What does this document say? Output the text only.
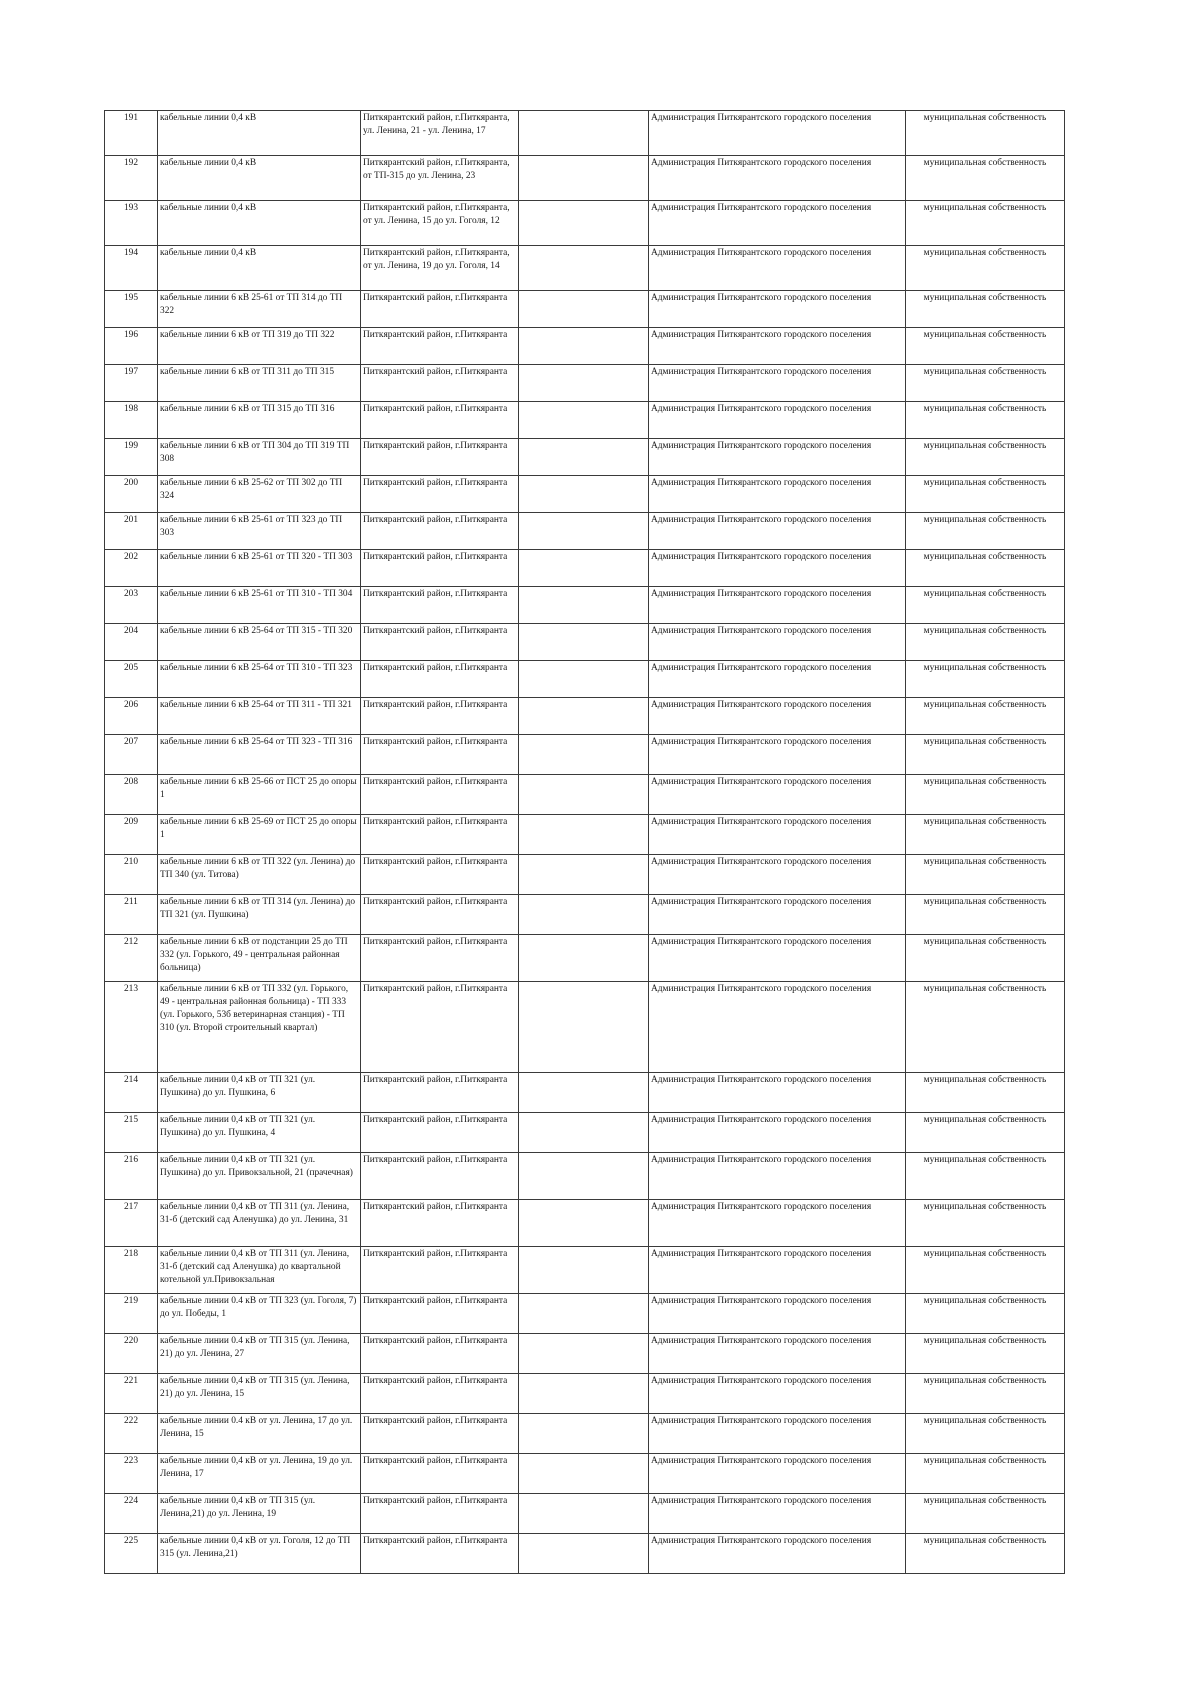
191	кабельные линии 0,4 кВ	Питкярантский район, г.Питкяранта, ул. Ленина, 21 - ул. Ленина, 17		Администрация Питкярантского городского поселения	муниципальная собственность
192	кабельные линии 0,4 кВ	Питкярантский район, г.Питкяранта, от ТП-315 до ул. Ленина, 23		Администрация Питкярантского городского поселения	муниципальная собственность
193	кабельные линии 0,4 кВ	Питкярантский район, г.Питкяранта, от ул. Ленина, 15 до ул. Гоголя, 12		Администрация Питкярантского городского поселения	муниципальная собственность
194	кабельные линии 0,4 кВ	Питкярантский район, г.Питкяранта, от ул. Ленина, 19 до ул. Гоголя, 14		Администрация Питкярантского городского поселения	муниципальная собственность
195	кабельные линии 6 кВ 25-61 от ТП 314 до ТП 322	Питкярантский район, г.Питкяранта		Администрация Питкярантского городского поселения	муниципальная собственность
196	кабельные линии 6 кВ от ТП 319 до ТП 322	Питкярантский район, г.Питкяранта		Администрация Питкярантского городского поселения	муниципальная собственность
197	кабельные линии 6 кВ от ТП 311 до ТП 315	Питкярантский район, г.Питкяранта		Администрация Питкярантского городского поселения	муниципальная собственность
198	кабельные линии 6 кВ от ТП 315 до ТП 316	Питкярантский район, г.Питкяранта		Администрация Питкярантского городского поселения	муниципальная собственность
199	кабельные линии 6 кВ от ТП 304 до ТП 319 ТП 308	Питкярантский район, г.Питкяранта		Администрация Питкярантского городского поселения	муниципальная собственность
200	кабельные линии 6 кВ 25-62 от ТП 302 до ТП 324	Питкярантский район, г.Питкяранта		Администрация Питкярантского городского поселения	муниципальная собственность
201	кабельные линии 6 кВ 25-61 от ТП 323 до ТП 303	Питкярантский район, г.Питкяранта		Администрация Питкярантского городского поселения	муниципальная собственность
202	кабельные линии 6 кВ 25-61 от ТП 320 - ТП 303	Питкярантский район, г.Питкяранта		Администрация Питкярантского городского поселения	муниципальная собственность
203	кабельные линии 6 кВ 25-61 от ТП 310 - ТП 304	Питкярантский район, г.Питкяранта		Администрация Питкярантского городского поселения	муниципальная собственность
204	кабельные линии 6 кВ 25-64 от ТП 315 - ТП 320	Питкярантский район, г.Питкяранта		Администрация Питкярантского городского поселения	муниципальная собственность
205	кабельные линии 6 кВ 25-64 от ТП 310 - ТП 323	Питкярантский район, г.Питкяранта		Администрация Питкярантского городского поселения	муниципальная собственность
206	кабельные линии 6 кВ 25-64 от ТП 311 - ТП 321	Питкярантский район, г.Питкяранта		Администрация Питкярантского городского поселения	муниципальная собственность
207	кабельные линии 6 кВ 25-64 от ТП 323 - ТП 316	Питкярантский район, г.Питкяранта		Администрация Питкярантского городского поселения	муниципальная собственность
208	кабельные линии 6 кВ 25-66 от ПСТ 25 до опоры 1	Питкярантский район, г.Питкяранта		Администрация Питкярантского городского поселения	муниципальная собственность
209	кабельные линии 6 кВ 25-69 от ПСТ 25 до опоры 1	Питкярантский район, г.Питкяранта		Администрация Питкярантского городского поселения	муниципальная собственность
210	кабельные линии 6 кВ от ТП 322 (ул. Ленина) до ТП 340 (ул. Титова)	Питкярантский район, г.Питкяранта		Администрация Питкярантского городского поселения	муниципальная собственность
211	кабельные линии 6 кВ от ТП 314 (ул. Ленина) до ТП 321 (ул. Пушкина)	Питкярантский район, г.Питкяранта		Администрация Питкярантского городского поселения	муниципальная собственность
212	кабельные линии 6 кВ от подстанции 25 до ТП 332 (ул. Горького, 49 - центральная районная больница)	Питкярантский район, г.Питкяранта		Администрация Питкярантского городского поселения	муниципальная собственность
213	кабельные линии 6 кВ от ТП 332 (ул. Горького, 49 - центральная районная больница) - ТП 333 (ул. Горького, 53б ветеринарная станция) - ТП 310 (ул. Второй строительный квартал)	Питкярантский район, г.Питкяранта		Администрация Питкярантского городского поселения	муниципальная собственность
214	кабельные линии 0,4 кВ от ТП 321 (ул. Пушкина) до ул. Пушкина, 6	Питкярантский район, г.Питкяранта		Администрация Питкярантского городского поселения	муниципальная собственность
215	кабельные линии 0,4 кВ от ТП 321 (ул. Пушкина) до ул. Пушкина, 4	Питкярантский район, г.Питкяранта		Администрация Питкярантского городского поселения	муниципальная собственность
216	кабельные линии 0,4 кВ от ТП 321 (ул. Пушкина) до ул. Привокзальной, 21 (прачечная)	Питкярантский район, г.Питкяранта		Администрация Питкярантского городского поселения	муниципальная собственность
217	кабельные линии 0,4 кВ от ТП 311 (ул. Ленина, 31-б (детский сад Аленушка) до ул. Ленина, 31	Питкярантский район, г.Питкяранта		Администрация Питкярантского городского поселения	муниципальная собственность
218	кабельные линии 0,4 кВ от ТП 311 (ул. Ленина, 31-б (детский сад Аленушка) до квартальной котельной ул.Привокзальная	Питкярантский район, г.Питкяранта		Администрация Питкярантского городского поселения	муниципальная собственность
219	кабельные линии 0.4 кВ от ТП 323 (ул. Гоголя, 7) до ул. Победы, 1	Питкярантский район, г.Питкяранта		Администрация Питкярантского городского поселения	муниципальная собственность
220	кабельные линии 0.4 кВ от ТП 315 (ул. Ленина, 21) до ул. Ленина, 27	Питкярантский район, г.Питкяранта		Администрация Питкярантского городского поселения	муниципальная собственность
221	кабельные линии 0,4 кВ от ТП 315 (ул. Ленина, 21) до ул. Ленина, 15	Питкярантский район, г.Питкяранта		Администрация Питкярантского городского поселения	муниципальная собственность
222	кабельные линии 0.4 кВ от ул. Ленина, 17 до ул. Ленина, 15	Питкярантский район, г.Питкяранта		Администрация Питкярантского городского поселения	муниципальная собственность
223	кабельные линии 0,4 кВ от ул. Ленина, 19 до ул. Ленина, 17	Питкярантский район, г.Питкяранта		Администрация Питкярантского городского поселения	муниципальная собственность
224	кабельные линии 0,4 кВ от ТП 315 (ул. Ленина,21) до ул. Ленина, 19	Питкярантский район, г.Питкяранта		Администрация Питкярантского городского поселения	муниципальная собственность
225	кабельные линии 0,4 кВ от ул. Гоголя, 12 до ТП 315 (ул. Ленина,21)	Питкярантский район, г.Питкяранта		Администрация Питкярантского городского поселения	муниципальная собственность
